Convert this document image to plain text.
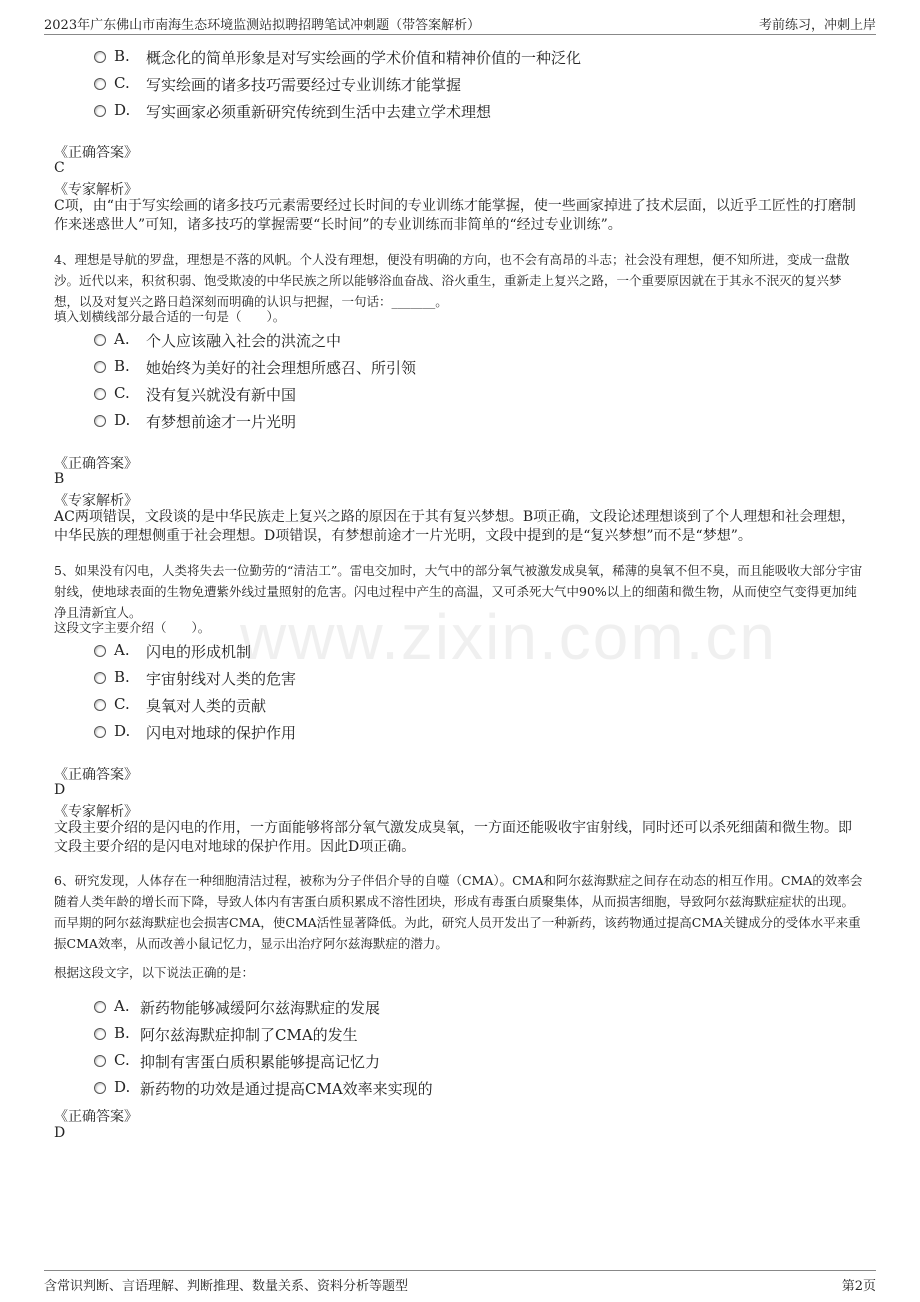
2023年广东佛山市南海生态环境监测站拟聘招聘笔试冲刺题（带答案解析）	考前练习，冲刺上岸
www.zixin.com.cn
B. 概念化的简单形象是对写实绘画的学术价值和精神价值的一种泛化
C. 写实绘画的诸多技巧需要经过专业训练才能掌握
D. 写实画家必须重新研究传统到生活中去建立学术理想
《正确答案》
C
《专家解析》
C项，由“由于写实绘画的诸多技巧元素需要经过长时间的专业训练才能掌握，使一些画家掉进了技术层面，以近乎工匠性的打磨制作来迷惑世人”可知，诸多技巧的掌握需要“长时间”的专业训练而非简单的“经过专业训练”。
4、理想是导航的罗盘，理想是不落的风帆。个人没有理想，便没有明确的方向，也不会有高昂的斗志；社会没有理想，便不知所进，变成一盘散沙。近代以来，积贫积弱、饱受欺凌的中华民族之所以能够浴血奋战、浴火重生，重新走上复兴之路，一个重要原因就在于其永不泯灭的复兴梦想，以及对复兴之路日趋深刻而明确的认识与把握，一句话：_______。
填入划横线部分最合适的一句是（　　）。
A. 个人应该融入社会的洪流之中
B. 她始终为美好的社会理想所感召、所引领
C. 没有复兴就没有新中国
D. 有梦想前途才一片光明
《正确答案》
B
《专家解析》
AC两项错误，文段谈的是中华民族走上复兴之路的原因在于其有复兴梦想。B项正确，文段论述理想谈到了个人理想和社会理想，中华民族的理想侧重于社会理想。D项错误，有梦想前途才一片光明，文段中提到的是“复兴梦想”而不是“梦想”。
5、如果没有闪电，人类将失去一位勤劳的“清洁工”。雷电交加时，大气中的部分氧气被激发成臭氧，稀薄的臭氧不但不臭，而且能吸收大部分宇宙射线，使地球表面的生物免遭紫外线过量照射的危害。闪电过程中产生的高温，又可杀死大气中90%以上的细菌和微生物，从而使空气变得更加纯净且清新宜人。
这段文字主要介绍（　　）。
A. 闪电的形成机制
B. 宇宙射线对人类的危害
C. 臭氧对人类的贡献
D. 闪电对地球的保护作用
《正确答案》
D
《专家解析》
文段主要介绍的是闪电的作用，一方面能够将部分氧气激发成臭氧，一方面还能吸收宇宙射线，同时还可以杀死细菌和微生物。即文段主要介绍的是闪电对地球的保护作用。因此D项正确。
6、研究发现，人体存在一种细胞清洁过程，被称为分子伴侣介导的自噬（CMA）。CMA和阿尔兹海默症之间存在动态的相互作用。CMA的效率会随着人类年龄的增长而下降，导致人体内有害蛋白质积累成不溶性团块，形成有毒蛋白质聚集体，从而损害细胞，导致阿尔兹海默症症状的出现。而早期的阿尔兹海默症也会损害CMA，使CMA活性显著降低。为此，研究人员开发出了一种新药，该药物通过提高CMA关键成分的受体水平来重振CMA效率，从而改善小鼠记忆力，显示出治疗阿尔兹海默症的潜力。
根据这段文字，以下说法正确的是：
A. 新药物能够减缓阿尔兹海默症的发展
B. 阿尔兹海默症抑制了CMA的发生
C. 抑制有害蛋白质积累能够提高记忆力
D. 新药物的功效是通过提高CMA效率来实现的
《正确答案》
D
含常识判断、言语理解、判断推理、数量关系、资料分析等题型	第2页
